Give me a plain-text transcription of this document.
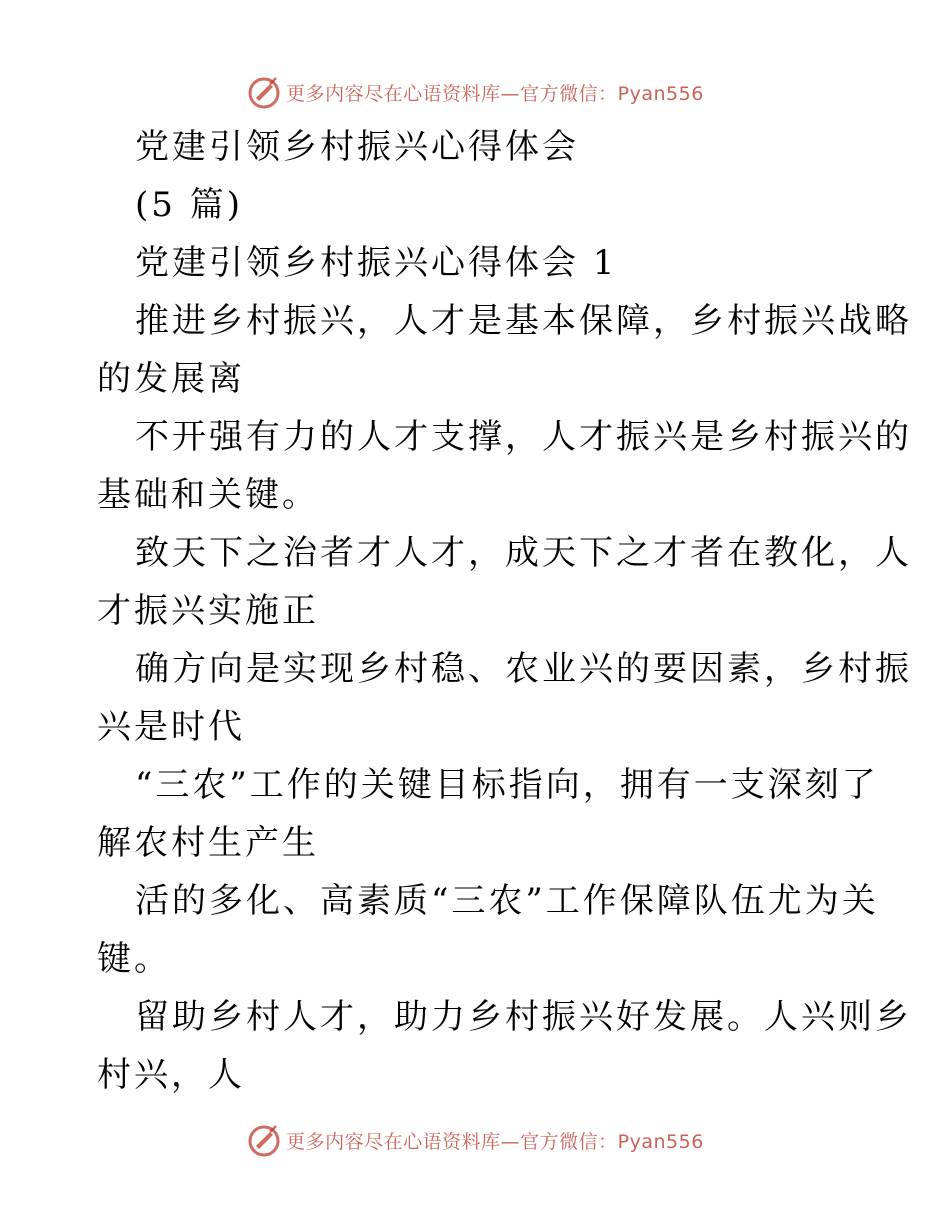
更多内容尽在心语资料库—官方微信：Pyan556
党建引领乡村振兴心得体会
(5 篇)
党建引领乡村振兴心得体会 1
推进乡村振兴，人才是基本保障，乡村振兴战略
的发展离
不开强有力的人才支撑，人才振兴是乡村振兴的
基础和关键。
致天下之治者才人才，成天下之才者在教化，人
才振兴实施正
确方向是实现乡村稳、农业兴的要因素，乡村振
兴是时代
“三农”工作的关键目标指向，拥有一支深刻了
解农村生产生
活的多化、高素质“三农”工作保障队伍尤为关
键。
留助乡村人才，助力乡村振兴好发展。人兴则乡
村兴，人
更多内容尽在心语资料库—官方微信：Pyan556
